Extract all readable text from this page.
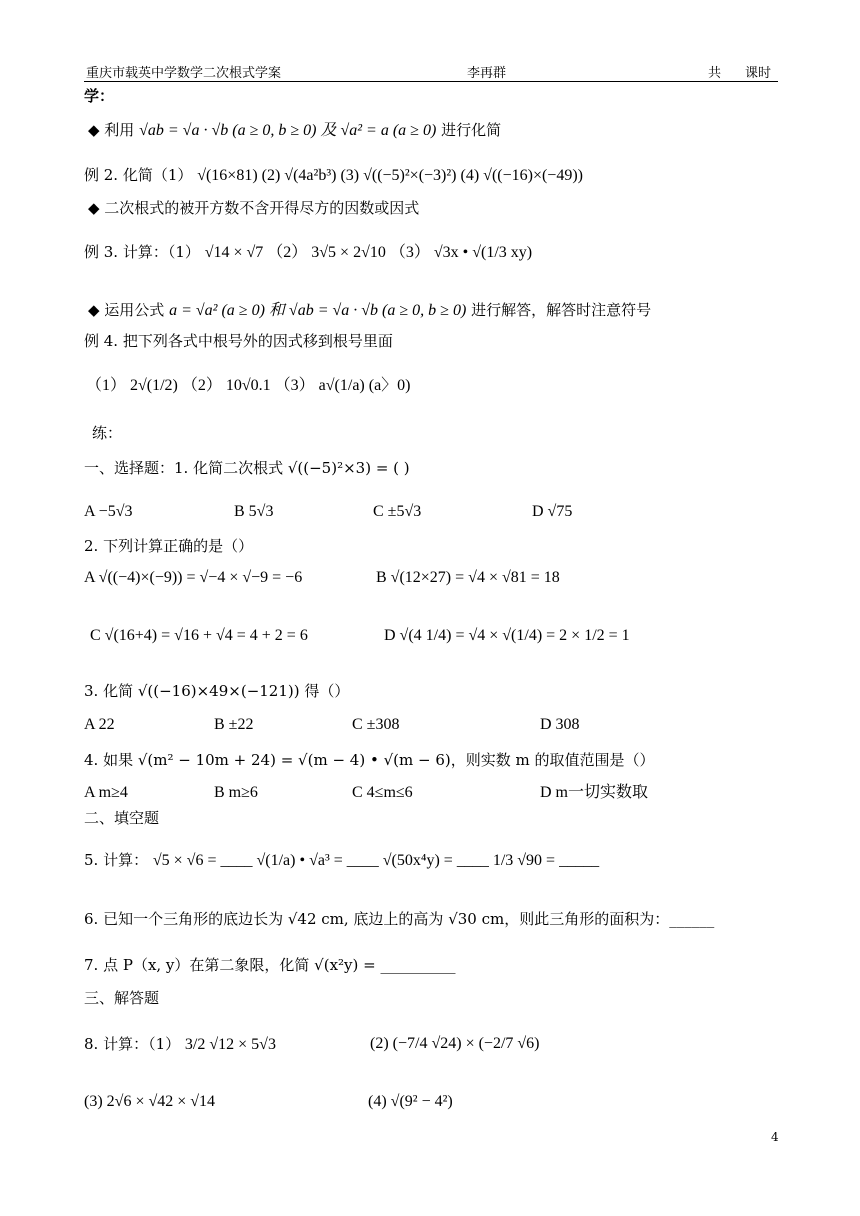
重庆市载英中学数学二次根式学案	李再群	共 课时
学：
◆ 利用 √ab = √a · √b (a ≥ 0, b ≥ 0) 及 √a² = a (a ≥ 0) 进行化简
例 2. 化简（1） √(16×81) (2) √(4a²b³) (3) √((−5)²×(−3)²) (4) √((−16)×(−49))
◆ 二次根式的被开方数不含开得尽方的因数或因式
例 3. 计算：（1） √14 × √7 （2） 3√5 × 2√10 （3） √3x • √(1/3 xy)
◆ 运用公式 a = √a² (a ≥ 0) 和 √ab = √a · √b (a ≥ 0, b ≥ 0) 进行解答，解答时注意符号
例 4. 把下列各式中根号外的因式移到根号里面
（1） 2√(1/2) （2） 10√0.1 （3） a√(1/a) (a〉0)
练：
一、选择题：1. 化简二次根式 √((−5)²×3) = ( )
A −5√3	B 5√3	C ±5√3	D √75
2. 下列计算正确的是（）
A √((−4)×(−9)) = √−4 × √−9 = −6	B √(12×27) = √4 × √81 = 18
C √(16+4) = √16 + √4 = 4 + 2 = 6	D √(4 1/4) = √4 × √(1/4) = 2 × 1/2 = 1
3. 化简 √((−16)×49×(−121)) 得（）
A 22	B ±22	C ±308	D 308
4. 如果 √(m² − 10m + 24) = √(m − 4) • √(m − 6)，则实数 m 的取值范围是（）
A m≥4	B m≥6	C 4≤m≤6	D m一切实数取
二、填空题
5. 计算： √5 × √6 = ____ √(1/a) • √a³ = ____ √(50x⁴y) = ____ 1/3 √90 = _____
6. 已知一个三角形的底边长为 √42 cm, 底边上的高为 √30 cm，则此三角形的面积为：______
7. 点 P（x, y）在第二象限，化简 √(x²y) = __________
三、解答题
8. 计算：（1） 3/2 √12 × 5√3	(2) (−7/4 √24) × (−2/7 √6)
(3) 2√6 × √42 × √14	(4) √(9² − 4²)
4
